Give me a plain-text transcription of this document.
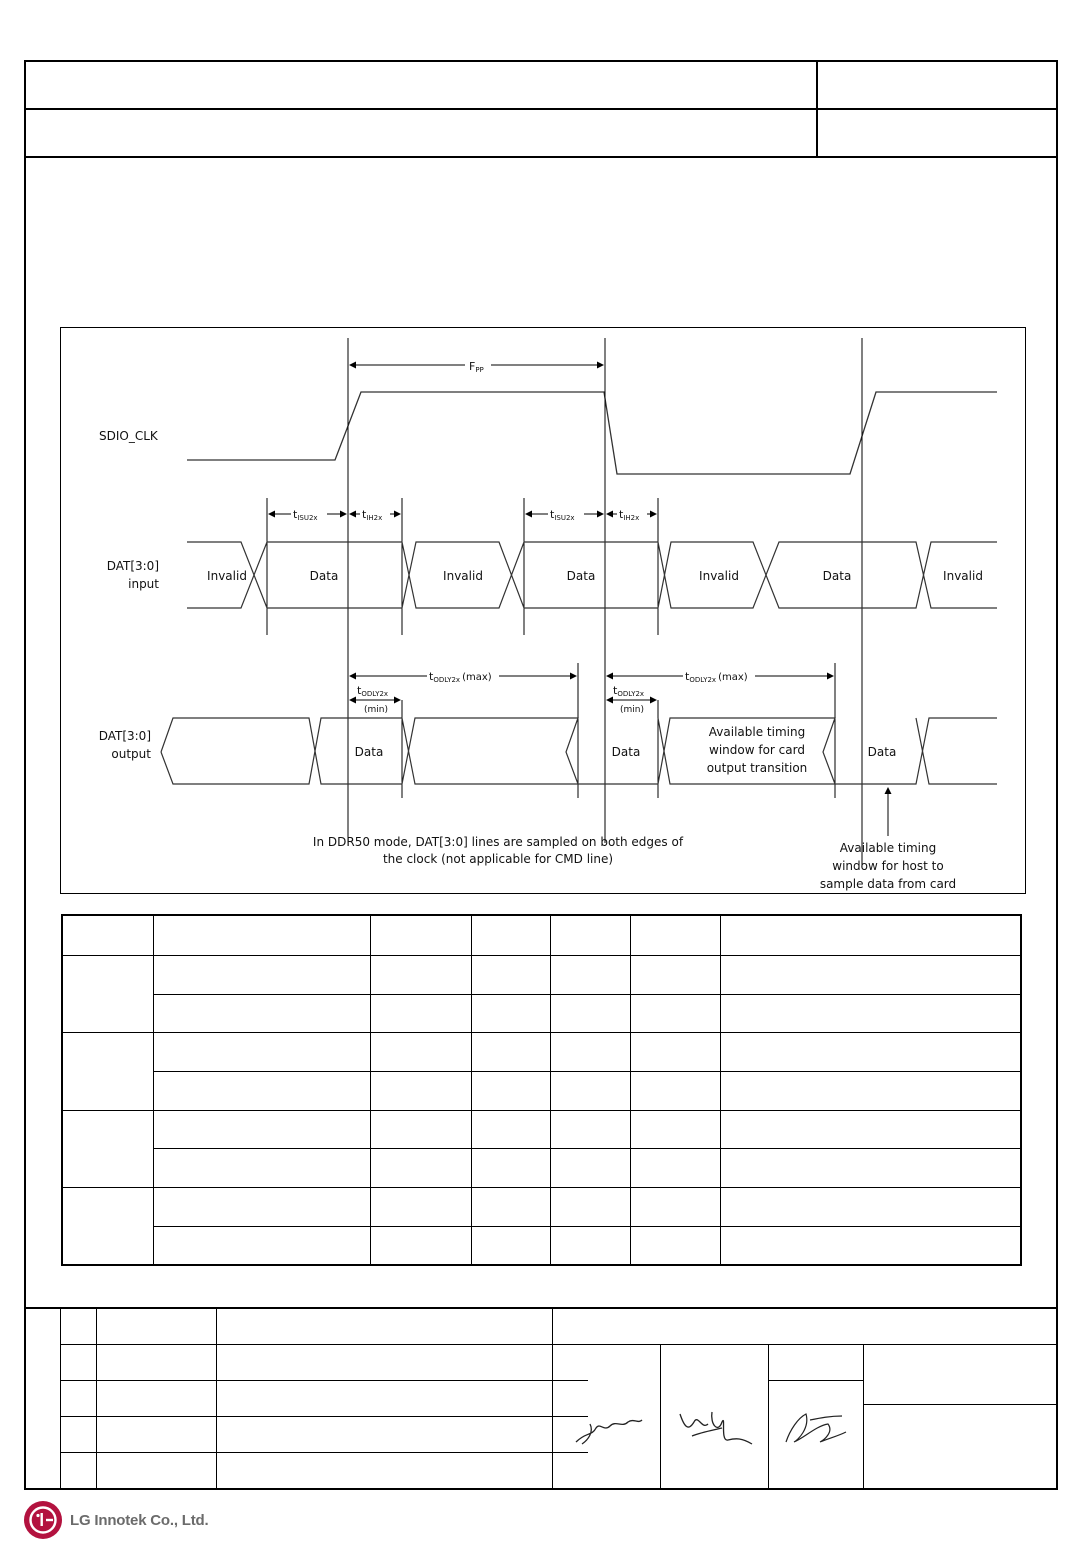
SDIO_CLK
DAT[3:0]
input
DAT[3:0]
output
FPP
tISU2x	tIH2x	tISU2x	tIH2x
Invalid	Data	Invalid	Data	Invalid	Data	Invalid
tODLY2x (max)	tODLY2x (max)
tODLY2x
(min)
tODLY2x
(min)
Data	Data
Available timing
window for card
output transition
Data
In DDR50 mode, DAT[3:0] lines are sampled on both edges of
the clock (not applicable for CMD line)
Available timing
window for host to
sample data from card
LG Innotek Co., Ltd.
